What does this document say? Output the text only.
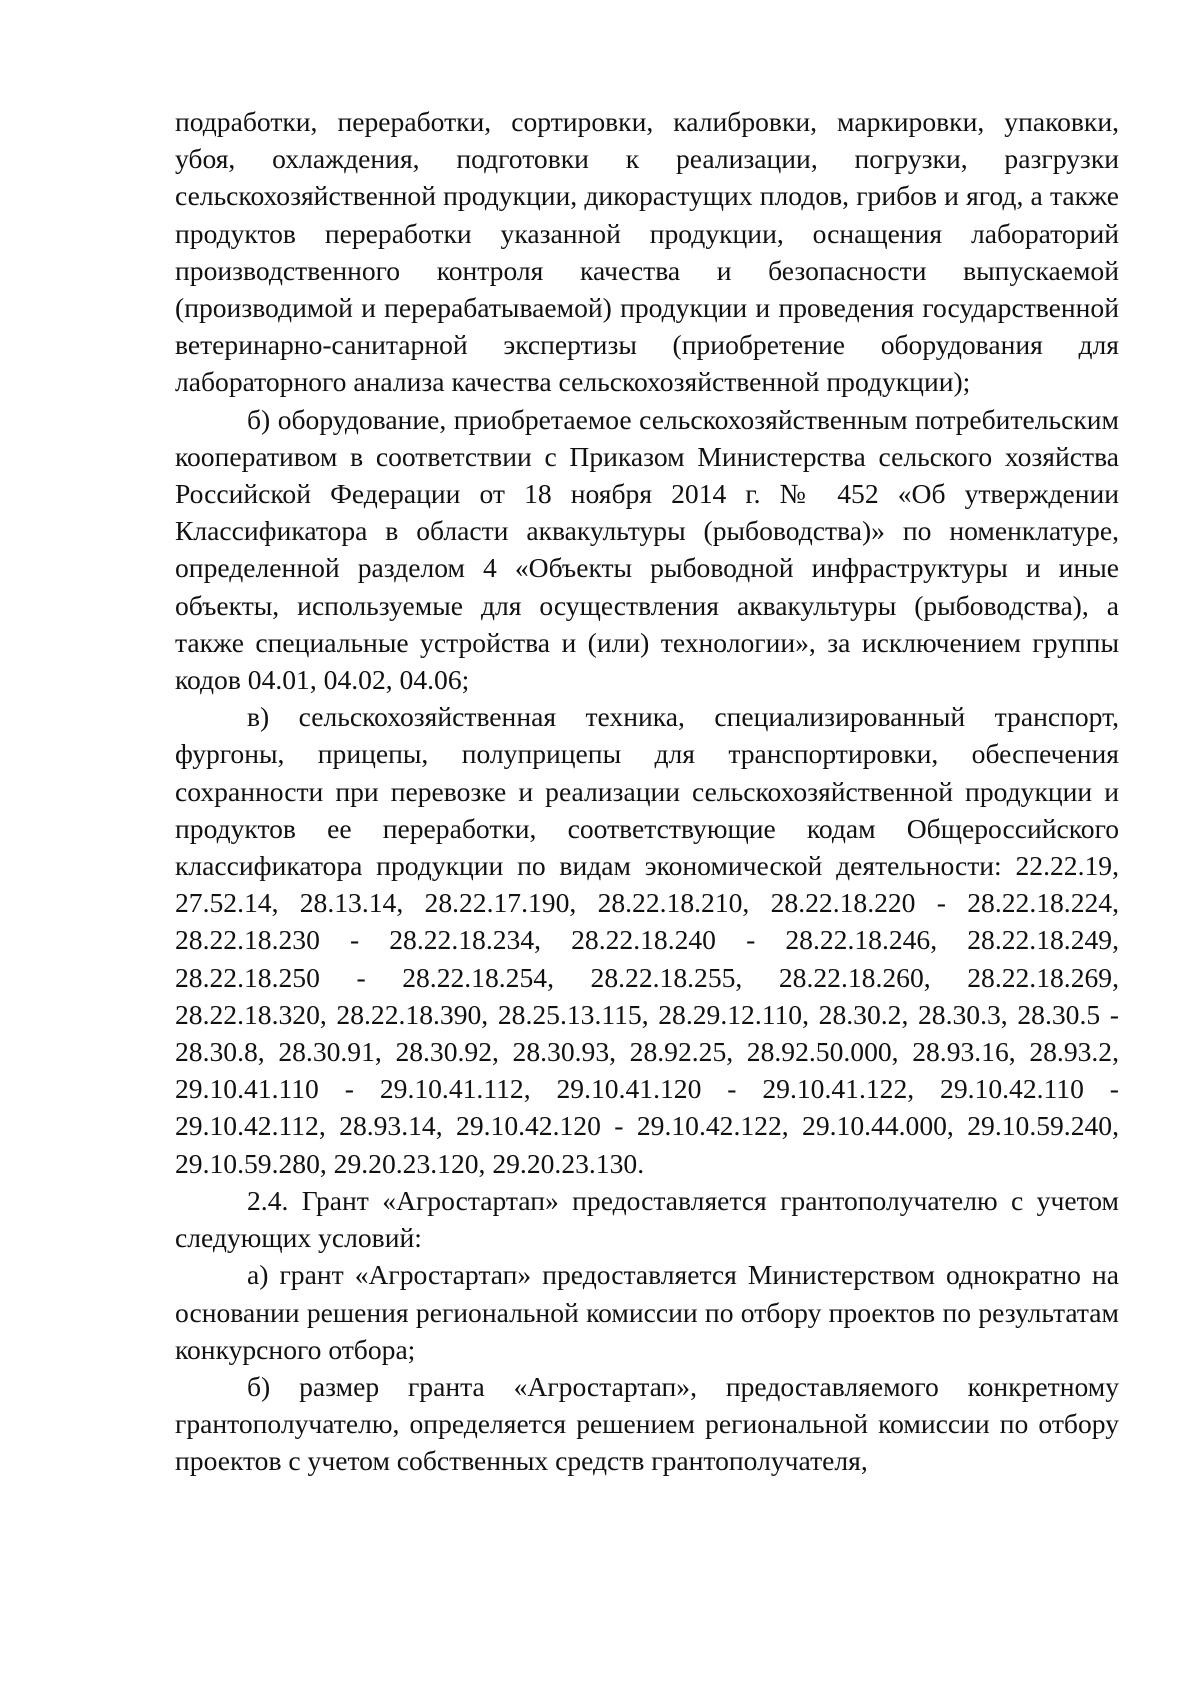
подработки, переработки, сортировки, калибровки, маркировки, упаковки, убоя, охлаждения, подготовки к реализации, погрузки, разгрузки сельскохозяйственной продукции, дикорастущих плодов, грибов и ягод, а также продуктов переработки указанной продукции, оснащения лабораторий производственного контроля качества и безопасности выпускаемой (производимой и перерабатываемой) продукции и проведения государственной ветеринарно-санитарной экспертизы (приобретение оборудования для лабораторного анализа качества сельскохозяйственной продукции);

б) оборудование, приобретаемое сельскохозяйственным потребительским кооперативом в соответствии с Приказом Министерства сельского хозяйства Российской Федерации от 18 ноября 2014 г. № 452 «Об утверждении Классификатора в области аквакультуры (рыбоводства)» по номенклатуре, определенной разделом 4 «Объекты рыбоводной инфраструктуры и иные объекты, используемые для осуществления аквакультуры (рыбоводства), а также специальные устройства и (или) технологии», за исключением группы кодов 04.01, 04.02, 04.06;

в) сельскохозяйственная техника, специализированный транспорт, фургоны, прицепы, полуприцепы для транспортировки, обеспечения сохранности при перевозке и реализации сельскохозяйственной продукции и продуктов ее переработки, соответствующие кодам Общероссийского классификатора продукции по видам экономической деятельности: 22.22.19, 27.52.14, 28.13.14, 28.22.17.190, 28.22.18.210, 28.22.18.220 - 28.22.18.224, 28.22.18.230 - 28.22.18.234, 28.22.18.240 - 28.22.18.246, 28.22.18.249, 28.22.18.250 - 28.22.18.254, 28.22.18.255, 28.22.18.260, 28.22.18.269, 28.22.18.320, 28.22.18.390, 28.25.13.115, 28.29.12.110, 28.30.2, 28.30.3, 28.30.5 - 28.30.8, 28.30.91, 28.30.92, 28.30.93, 28.92.25, 28.92.50.000, 28.93.16, 28.93.2, 29.10.41.110 - 29.10.41.112, 29.10.41.120 - 29.10.41.122, 29.10.42.110 - 29.10.42.112, 28.93.14, 29.10.42.120 - 29.10.42.122, 29.10.44.000, 29.10.59.240, 29.10.59.280, 29.20.23.120, 29.20.23.130.

2.4. Грант «Агростартап» предоставляется грантополучателю с учетом следующих условий:

а) грант «Агростартап» предоставляется Министерством однократно на основании решения региональной комиссии по отбору проектов по результатам конкурсного отбора;

б) размер гранта «Агростартап», предоставляемого конкретному грантополучателю, определяется решением региональной комиссии по отбору проектов с учетом собственных средств грантополучателя,
